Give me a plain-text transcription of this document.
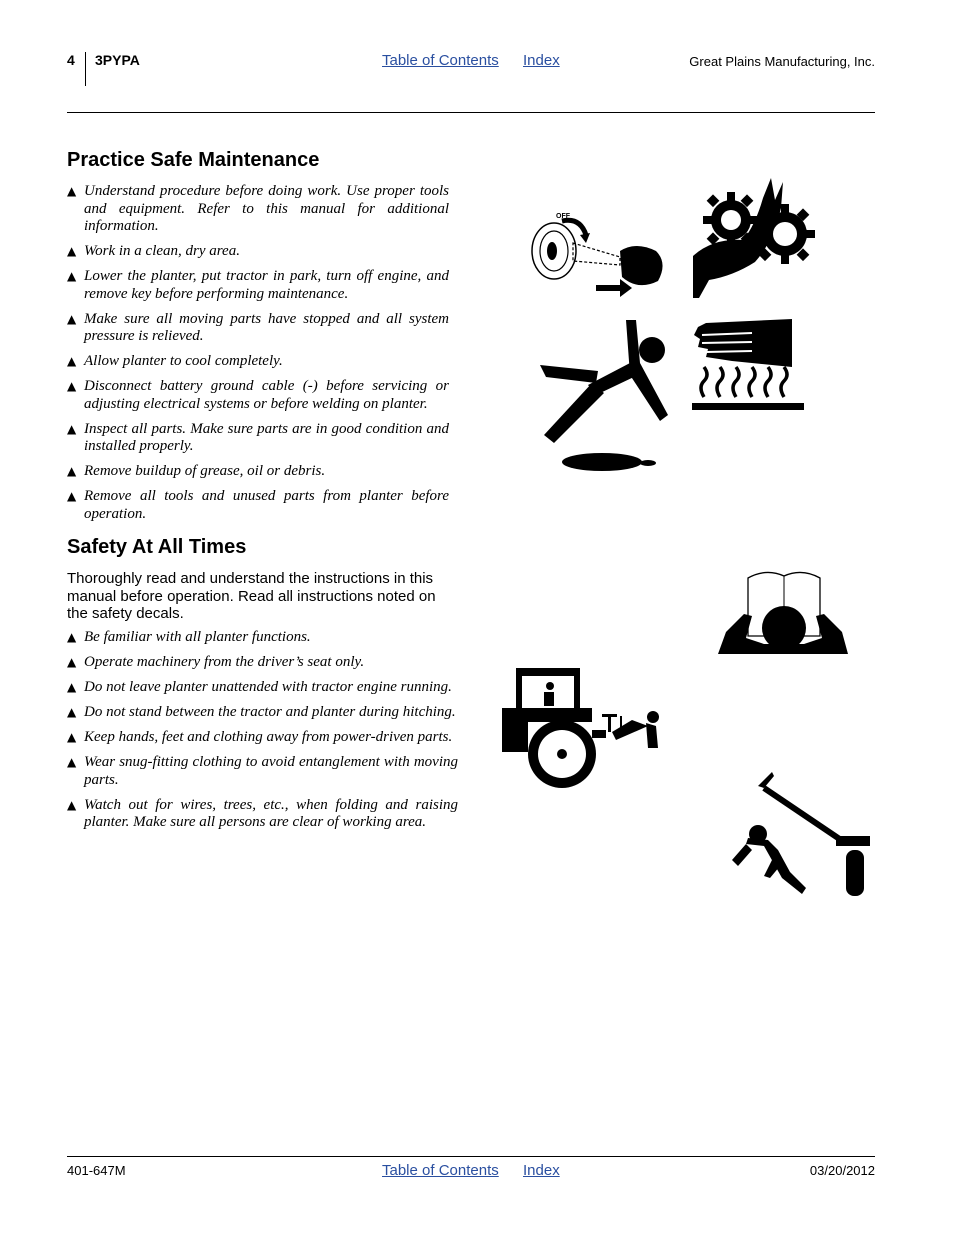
4 3PYPA	Table of Contents Index	Great Plains Manufacturing, Inc.
Practice Safe Maintenance
▲ Understand procedure before doing work. Use proper tools and equipment. Refer to this manual for additional information.
▲ Work in a clean, dry area.
▲ Lower the planter, put tractor in park, turn off engine, and remove key before performing maintenance.
▲ Make sure all moving parts have stopped and all system pressure is relieved.
▲ Allow planter to cool completely.
▲ Disconnect battery ground cable (-) before servicing or adjusting electrical systems or before welding on planter.
▲ Inspect all parts. Make sure parts are in good condition and installed properly.
▲ Remove buildup of grease, oil or debris.
▲ Remove all tools and unused parts from planter before operation.
Safety At All Times

Thoroughly read and understand the instructions in this manual before operation. Read all instructions noted on the safety decals.

▲ Be familiar with all planter functions.
▲ Operate machinery from the driver’s seat only.
▲ Do not leave planter unattended with tractor engine running.
▲ Do not stand between the tractor and planter during hitching.
▲ Keep hands, feet and clothing away from power-driven parts.
▲ Wear snug-fitting clothing to avoid entanglement with moving parts.
▲ Watch out for wires, trees, etc., when folding and raising planter. Make sure all persons are clear of working area.
OFF
401-647M	Table of Contents Index	03/20/2012
